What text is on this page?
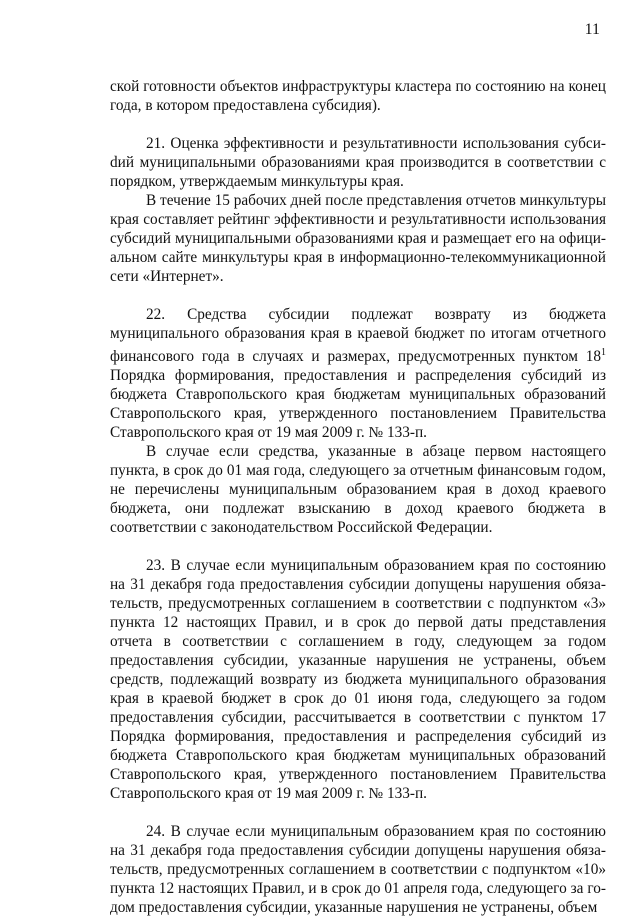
11

ской готовности объектов инфраструктуры кластера по состоянию на конец года, в котором предоставлена субсидия).

21. Оценка эффективности и результативности использования субсиdий муниципальными образованиями края производится в соответствии с порядком, утверждаемым минкультуры края.

В течение 15 рабочих дней после представления отчетов минкультуры края составляет рейтинг эффективности и результативности использования субсидий муниципальными образованиями края и размещает его на официальном сайте минкультуры края в информационно-телекоммуникационной сети «Интернет».

22. Средства субсидии подлежат возврату из бюджета муниципального образования края в краевой бюджет по итогам отчетного финансового года в случаях и размерах, предусмотренных пунктом $18^1$ Порядка формирования, предоставления и распределения субсидий из бюджета Ставропольского края бюджетам муниципальных образований Ставропольского края, утвержденного постановлением Правительства Ставропольского края от 19 мая 2009 г. № 133-п.

В случае если средства, указанные в абзаце первом настоящего пункта, в срок до 01 мая года, следующего за отчетным финансовым годом, не перечислены муниципальным образованием края в доход краевого бюджета, они подлежат взысканию в доход краевого бюджета в соответствии с законодательством Российской Федерации.

23. В случае если муниципальным образованием края по состоянию на 31 декабря года предоставления субсидии допущены нарушения обязательств, предусмотренных соглашением в соответствии с подпунктом «3» пункта 12 настоящих Правил, и в срок до первой даты представления отчета в соответствии с соглашением в году, следующем за годом предоставления субсидии, указанные нарушения не устранены, объем средств, подлежащий возврату из бюджета муниципального образования края в краевой бюджет в срок до 01 июня года, следующего за годом предоставления субсидии, рассчитывается в соответствии с пунктом 17 Порядка формирования, предоставления и распределения субсидий из бюджета Ставропольского края бюджетам муниципальных образований Ставропольского края, утвержденного постановлением Правительства Ставропольского края от 19 мая 2009 г. № 133-п.

24. В случае если муниципальным образованием края по состоянию на 31 декабря года предоставления субсидии допущены нарушения обязательств, предусмотренных соглашением в соответствии с подпунктом «10» пункта 12 настоящих Правил, и в срок до 01 апреля года, следующего за годом предоставления субсидии, указанные нарушения не устранены, объем
